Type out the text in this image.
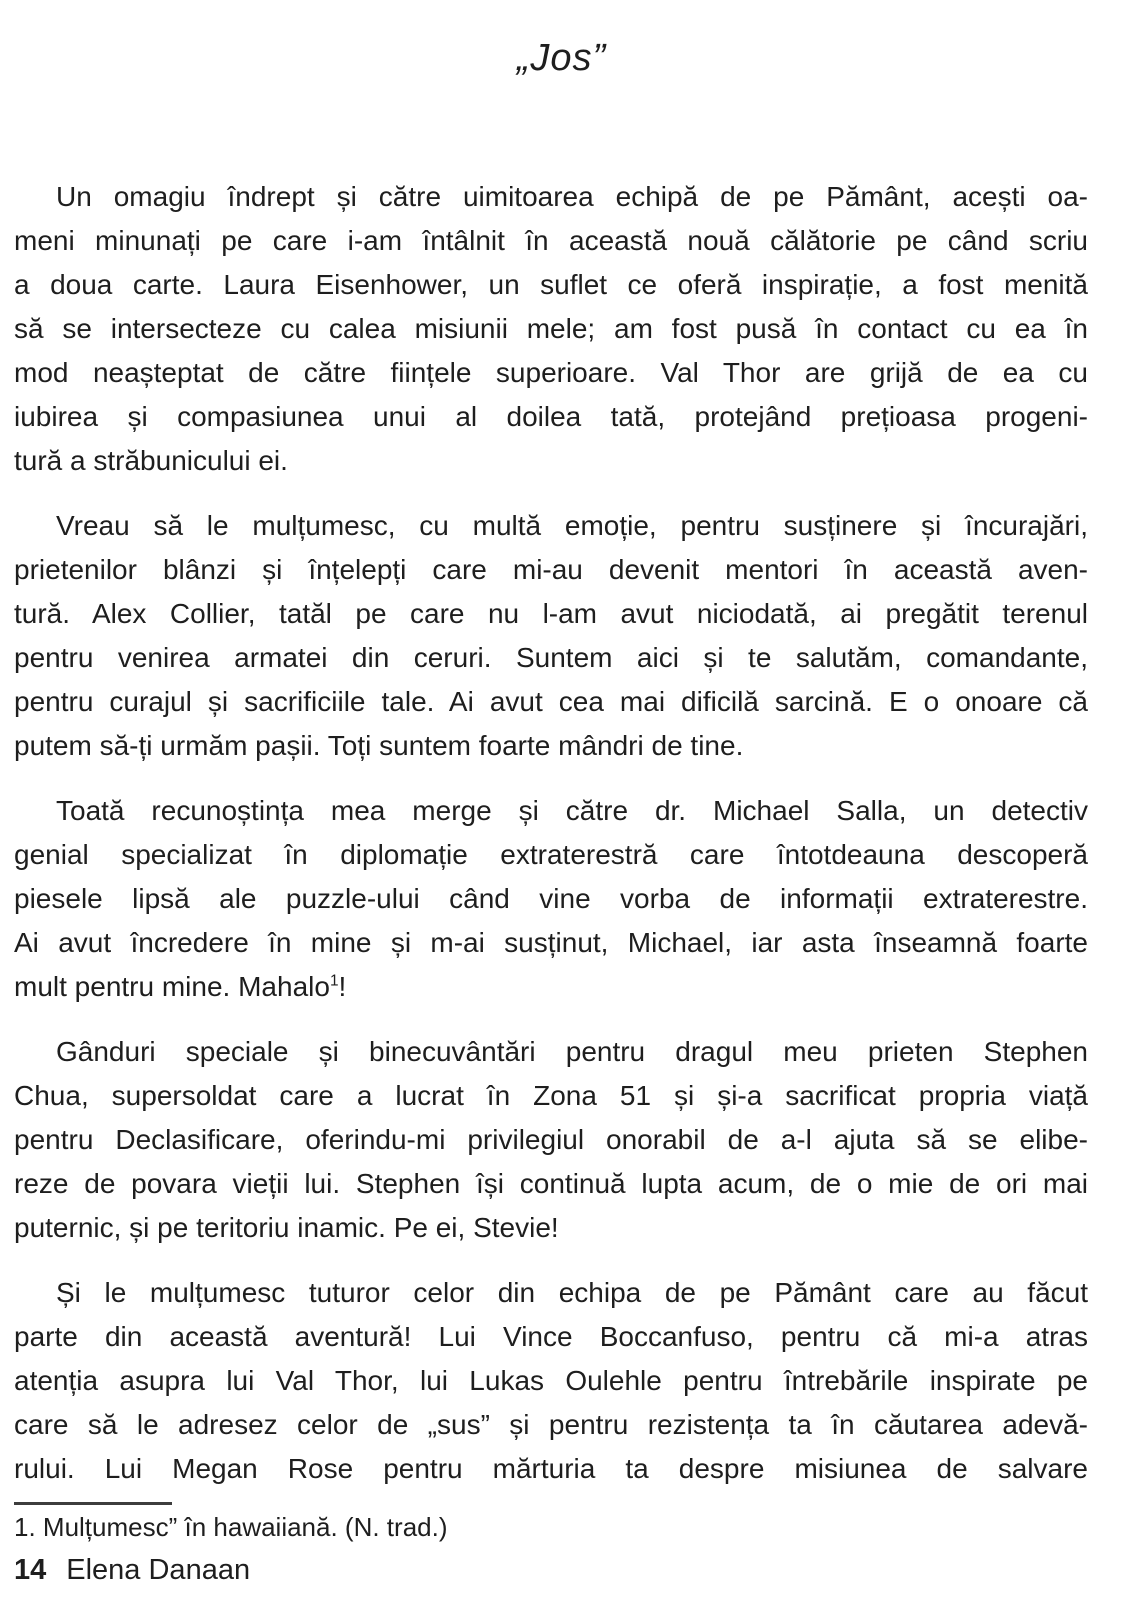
„Jos”

Un omagiu îndrept și către uimitoarea echipă de pe Pământ, acești oa-
meni minunați pe care i-am întâlnit în această nouă călătorie pe când scriu
a doua carte. Laura Eisenhower, un suflet ce oferă inspirație, a fost menită
să se intersecteze cu calea misiunii mele; am fost pusă în contact cu ea în
mod neașteptat de către ființele superioare. Val Thor are grijă de ea cu
iubirea și compasiunea unui al doilea tată, protejând prețioasa progeni-
tură a străbunicului ei.

Vreau să le mulțumesc, cu multă emoție, pentru susținere și încurajări,
prietenilor blânzi și înțelepți care mi-au devenit mentori în această aven-
tură. Alex Collier, tatăl pe care nu l-am avut niciodată, ai pregătit terenul
pentru venirea armatei din ceruri. Suntem aici și te salutăm, comandante,
pentru curajul și sacrificiile tale. Ai avut cea mai dificilă sarcină. E o onoare că
putem să-ți urmăm pașii. Toți suntem foarte mândri de tine.

Toată recunoștința mea merge și către dr. Michael Salla, un detectiv
genial specializat în diplomație extraterestră care întotdeauna descoperă
piesele lipsă ale puzzle-ului când vine vorba de informații extraterestre.
Ai avut încredere în mine și m-ai susținut, Michael, iar asta înseamnă foarte
mult pentru mine. Mahalo$^1$!

Gânduri speciale și binecuvântări pentru dragul meu prieten Stephen
Chua, supersoldat care a lucrat în Zona 51 și și-a sacrificat propria viață
pentru Declasificare, oferindu-mi privilegiul onorabil de a-l ajuta să se elibe-
reze de povara vieții lui. Stephen își continuă lupta acum, de o mie de ori mai
puternic, și pe teritoriu inamic. Pe ei, Stevie!

Și le mulțumesc tuturor celor din echipa de pe Pământ care au făcut
parte din această aventură! Lui Vince Boccanfuso, pentru că mi-a atras
atenția asupra lui Val Thor, lui Lukas Oulehle pentru întrebările inspirate pe
care să le adresez celor de „sus” și pentru rezistența ta în căutarea adevă-
rului. Lui Megan Rose pentru mărturia ta despre misiunea de salvare

1. Mulțumesc” în hawaiiană. (N. trad.)
14 Elena Danaan
